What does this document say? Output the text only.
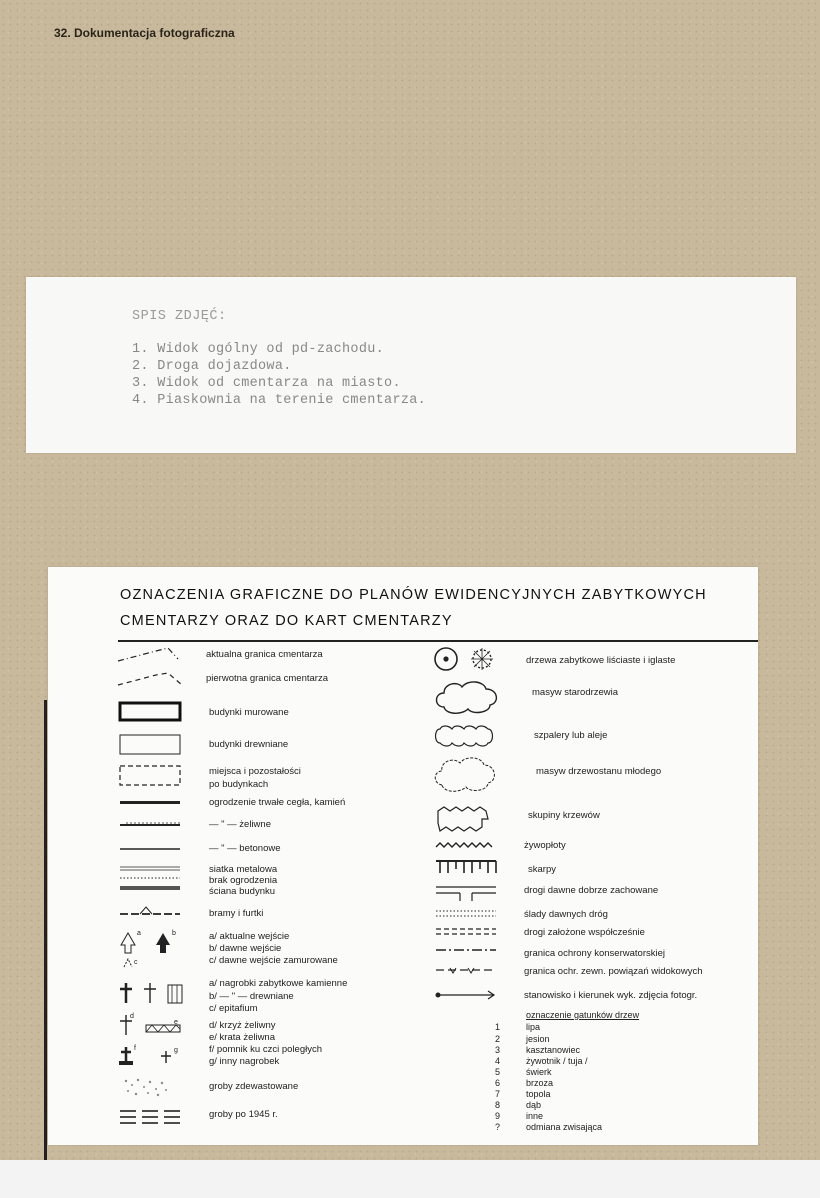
32. Dokumentacja fotograficzna
SPIS ZDJĘĆ:
1. Widok ogólny od pd-zachodu.
2. Droga dojazdowa.
3. Widok od cmentarza na miasto.
4. Piaskownia na terenie cmentarza.
OZNACZENIA GRAFICZNE DO PLANÓW EWIDENCYJNYCH ZABYTKOWYCH
CMENTARZY ORAZ DO KART CMENTARZY
a	b
c
d
e
f	g
aktualna granica cmentarza
pierwotna granica cmentarza
budynki murowane
budynki drewniane
miejsca i pozostałości
po budynkach
ogrodzenie trwałe cegła, kamień
— " — żeliwne
— " — betonowe
siatka metalowa
brak ogrodzenia
ściana budynku
bramy i furtki
a/ aktualne wejście
b/ dawne wejście
c/ dawne wejście zamurowane
a/ nagrobki zabytkowe kamienne
b/ — " — drewniane
c/ epitafium
d/ krzyż żeliwny
e/ krata żeliwna
f/ pomnik ku czci poległych
g/ inny nagrobek
groby zdewastowane
groby po 1945 r.
drzewa zabytkowe liściaste i iglaste
masyw starodrzewia
szpalery lub aleje
masyw drzewostanu młodego
skupiny krzewów
żywopłoty
skarpy
drogi dawne dobrze zachowane
ślady dawnych dróg
drogi założone współcześnie
granica ochrony konserwatorskiej
granica ochr. zewn. powiązań widokowych
stanowisko i kierunek wyk. zdjęcia fotogr.
oznaczenie gatunków drzew
1	lipa
2	jesion
3	kasztanowiec
4	żywotnik / tuja /
5	świerk
6	brzoza
7	topola
8	dąb
9	inne
?	odmiana zwisająca
